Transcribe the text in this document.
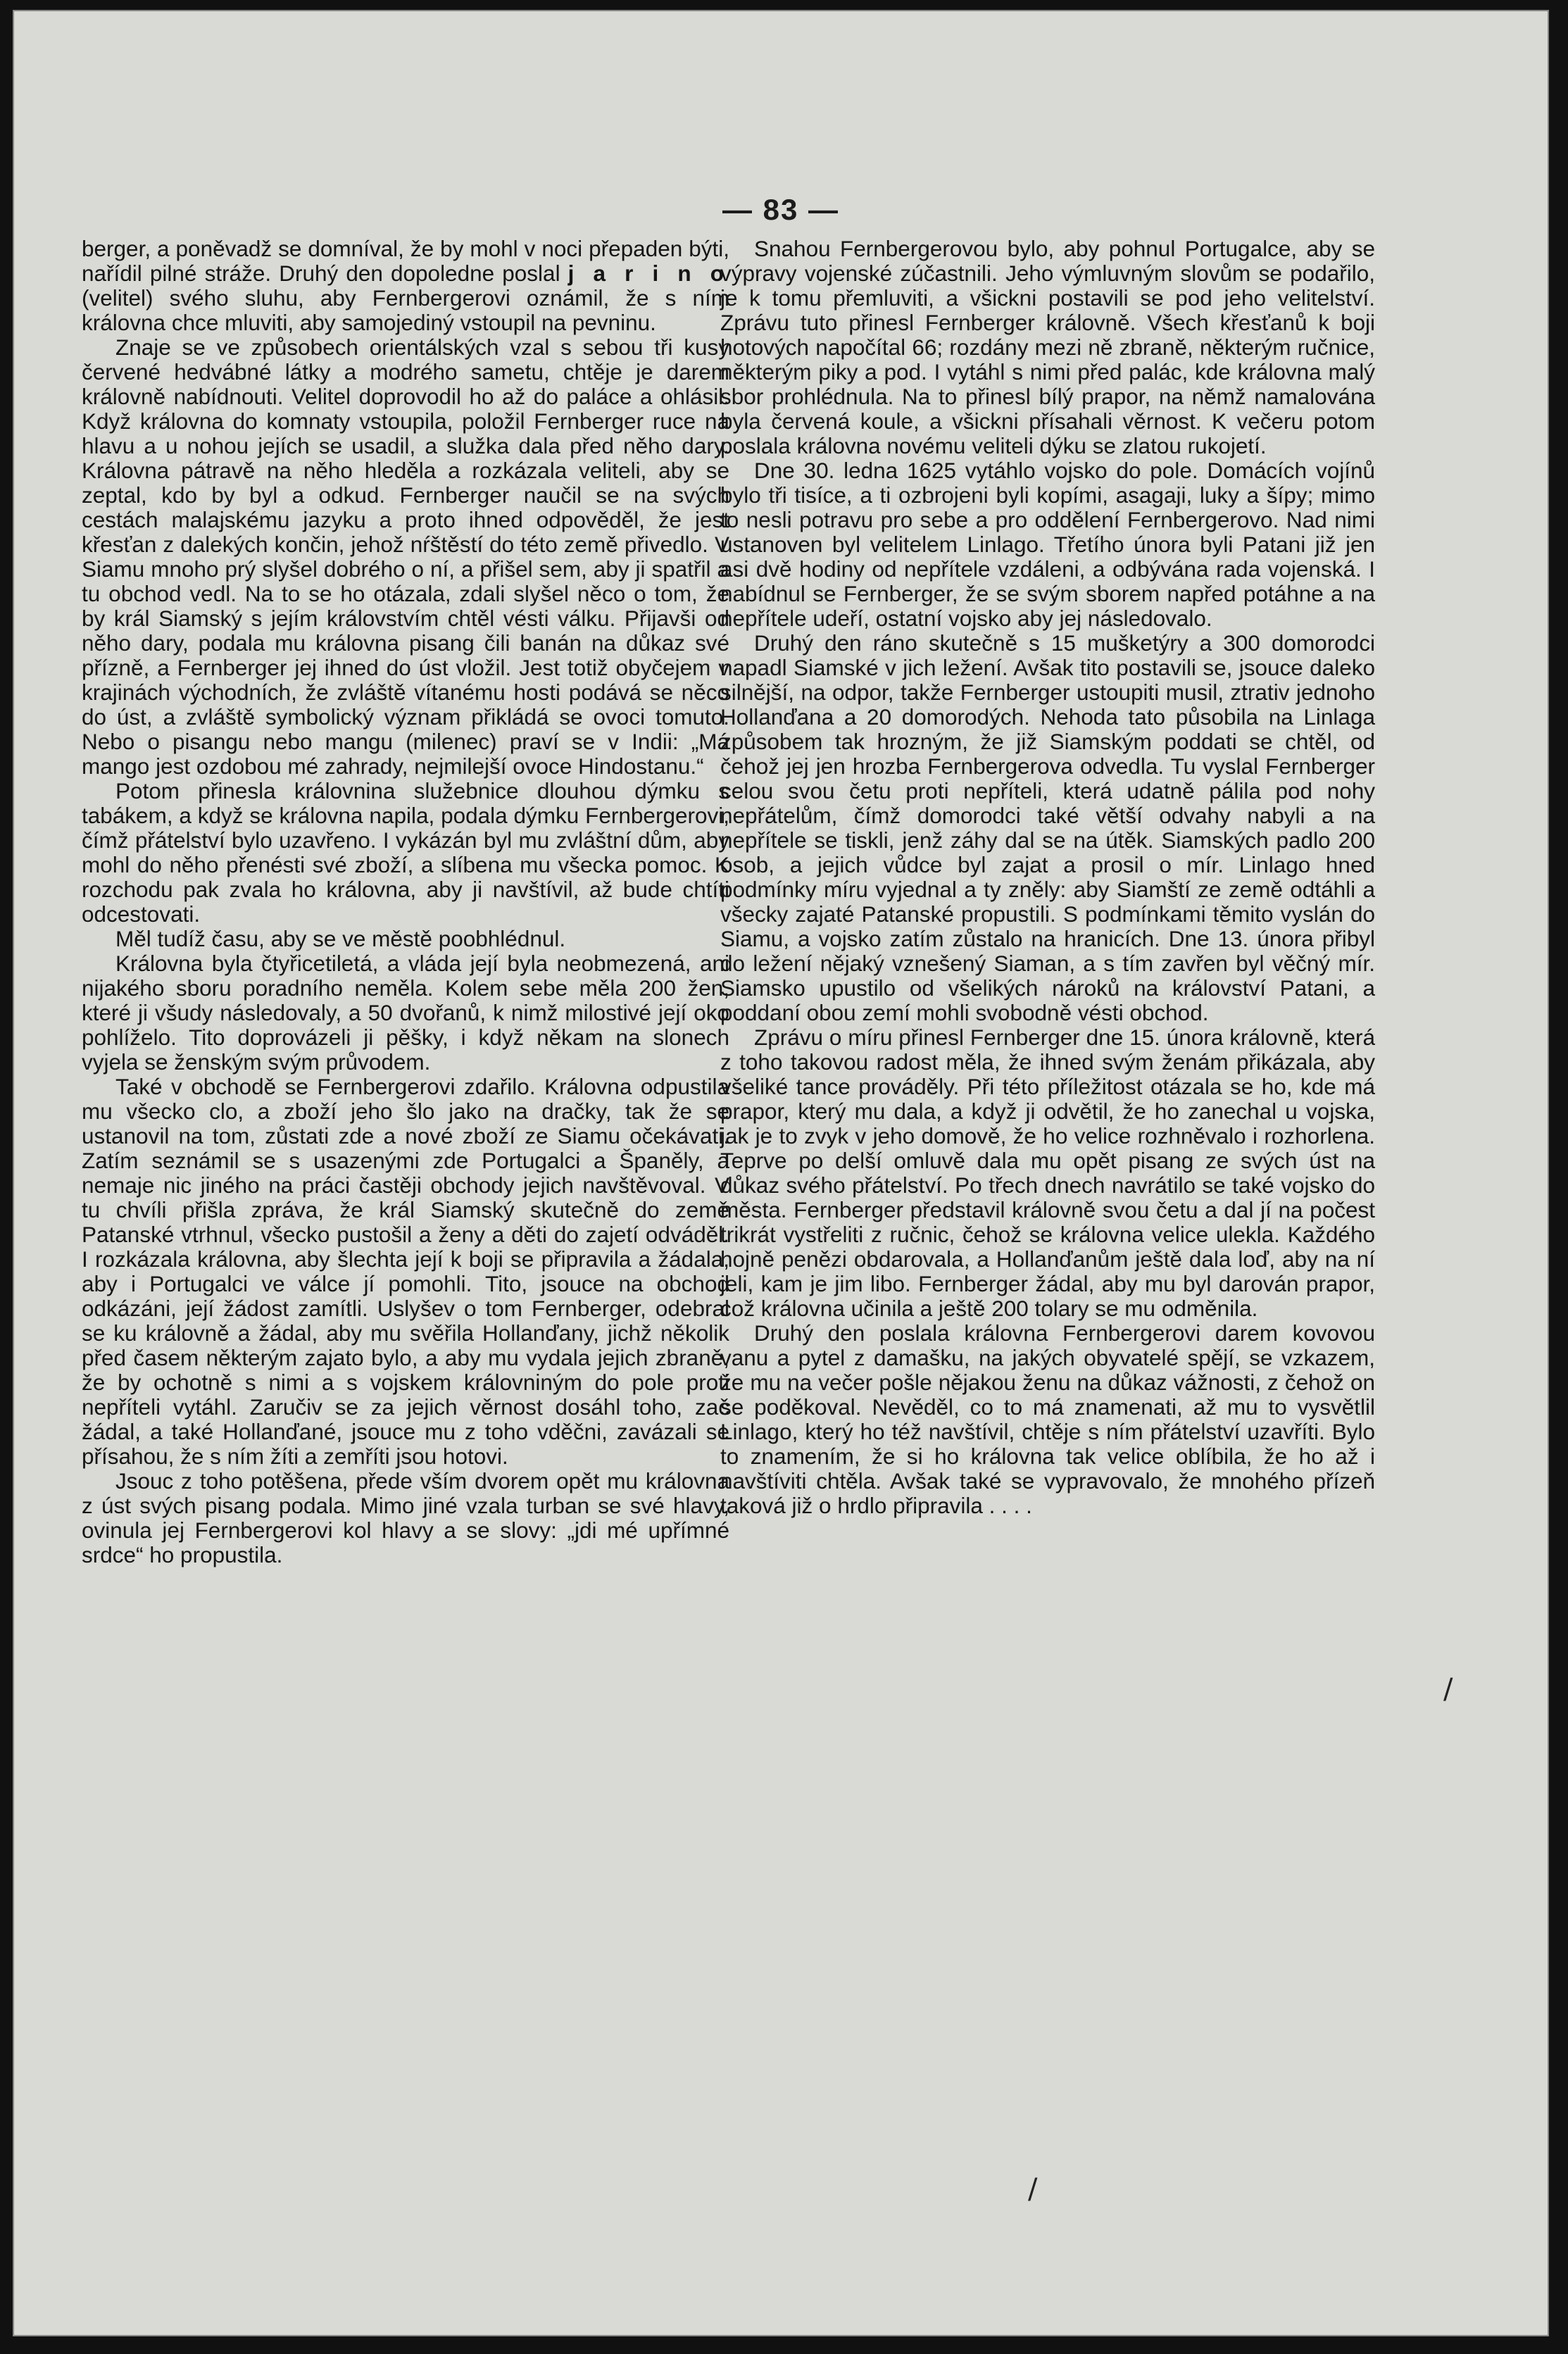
— 83 —

berger, a poněvadž se domníval, že by mohl v noci přepaden býti, nařídil pilné stráže. Druhý den dopoledne poslal j a r i n o (velitel) svého sluhu, aby Fernbergerovi oznámil, že s ním královna chce mluviti, aby samojediný vstoupil na pevninu.

Znaje se ve způsobech orientálských vzal s sebou tři kusy červené hedvábné látky a modrého sametu, chtěje je darem královně nabídnouti. Velitel doprovodil ho až do paláce a ohlásil. Když královna do komnaty vstoupila, položil Fernberger ruce na hlavu a u nohou jejích se usadil, a služka dala před něho dary. Královna pátravě na něho hleděla a rozkázala veliteli, aby se zeptal, kdo by byl a odkud. Fernberger naučil se na svých cestách malajskému jazyku a proto ihned odpověděl, že jest křesťan z dalekých končin, jehož nŕštěstí do této země přivedlo. V Siamu mnoho prý slyšel dobrého o ní, a přišel sem, aby ji spatřil a tu obchod vedl. Na to se ho otázala, zdali slyšel něco o tom, že by král Siamský s jejím královstvím chtěl vésti válku. Přijavši od něho dary, podala mu královna pisang čili banán na důkaz své přízně, a Fernberger jej ihned do úst vložil. Jest totiž obyčejem v krajinách východních, že zvláště vítanému hosti podává se něco do úst, a zvláště symbolický význam přikládá se ovoci tomuto. Nebo o pisangu nebo mangu (milenec) praví se v Indii: „Má mango jest ozdobou mé zahrady, nejmilejší ovoce Hindostanu.“

Potom přinesla královnina služebnice dlouhou dýmku s tabákem, a když se královna napila, podala dýmku Fernbergerovi, čímž přátelství bylo uzavřeno. I vykázán byl mu zvláštní dům, aby mohl do něho přenésti své zboží, a slíbena mu všecka pomoc. K rozchodu pak zvala ho královna, aby ji navštívil, až bude chtíti odcestovati.

Měl tudíž času, aby se ve městě poobhlédnul.

Královna byla čtyřicetiletá, a vláda její byla neobmezená, ani nijakého sboru poradního neměla. Kolem sebe měla 200 žen, které ji všudy následovaly, a 50 dvořanů, k nimž milostivé její oko pohlíželo. Tito doprovázeli ji pěšky, i když někam na slonech vyjela se ženským svým průvodem.

Také v obchodě se Fernbergerovi zdařilo. Královna odpustila mu všecko clo, a zboží jeho šlo jako na dračky, tak že se ustanovil na tom, zůstati zde a nové zboží ze Siamu očekávati. Zatím seznámil se s usazenými zde Portugalci a Španěly, a nemaje nic jiného na práci častěji obchody jejich navštěvoval. V tu chvíli přišla zpráva, že král Siamský skutečně do země Patanské vtrhnul, všecko pustošil a ženy a děti do zajetí odváděl. I rozkázala královna, aby šlechta její k boji se připravila a žádala, aby i Portugalci ve válce jí pomohli. Tito, jsouce na obchod odkázáni, její žádost zamítli. Uslyšev o tom Fernberger, odebral se ku královně a žádal, aby mu svěřila Hollanďany, jichž několik před časem některým zajato bylo, a aby mu vydala jejich zbraně, že by ochotně s nimi a s vojskem královniným do pole proti nepříteli vytáhl. Zaručiv se za jejich věrnost dosáhl toho, zač žádal, a také Hollanďané, jsouce mu z toho vděčni, zavázali se přísahou, že s ním žíti a zemříti jsou hotovi.

Jsouc z toho potěšena, přede vším dvorem opět mu královna z úst svých pisang podala. Mimo jiné vzala turban se své hlavy, ovinula jej Fernbergerovi kol hlavy a se slovy: „jdi mé upřímné srdce“ ho propustila.

Snahou Fernbergerovou bylo, aby pohnul Portugalce, aby se výpravy vojenské zúčastnili. Jeho výmluvným slovům se podařilo, je k tomu přemluviti, a všickni postavili se pod jeho velitelství. Zprávu tuto přinesl Fernberger královně. Všech křesťanů k boji hotových napočítal 66; rozdány mezi ně zbraně, některým ručnice, některým piky a pod. I vytáhl s nimi před palác, kde královna malý sbor prohlédnula. Na to přinesl bílý prapor, na němž namalována byla červená koule, a všickni přísahali věrnost. K večeru potom poslala královna novému veliteli dýku se zlatou rukojetí.

Dne 30. ledna 1625 vytáhlo vojsko do pole. Domácích vojínů bylo tři tisíce, a ti ozbrojeni byli kopími, asagaji, luky a šípy; mimo to nesli potravu pro sebe a pro oddělení Fernbergerovo. Nad nimi ustanoven byl velitelem Linlago. Třetího února byli Patani již jen asi dvě hodiny od nepřítele vzdáleni, a odbývána rada vojenská. I nabídnul se Fernberger, že se svým sborem napřed potáhne a na nepřítele udeří, ostatní vojsko aby jej následovalo.

Druhý den ráno skutečně s 15 mušketýry a 300 domorodci napadl Siamské v jich ležení. Avšak tito postavili se, jsouce daleko silnější, na odpor, takže Fernberger ustoupiti musil, ztrativ jednoho Hollanďana a 20 domorodých. Nehoda tato působila na Linlaga způsobem tak hrozným, že již Siamským poddati se chtěl, od čehož jej jen hrozba Fernbergerova odvedla. Tu vyslal Fernberger celou svou četu proti nepříteli, která udatně pálila pod nohy nepřátelům, čímž domorodci také větší odvahy nabyli a na nepřítele se tiskli, jenž záhy dal se na útěk. Siamských padlo 200 osob, a jejich vůdce byl zajat a prosil o mír. Linlago hned podmínky míru vyjednal a ty zněly: aby Siamští ze země odtáhli a všecky zajaté Patanské propustili. S podmínkami těmito vyslán do Siamu, a vojsko zatím zůstalo na hranicích. Dne 13. února přibyl do ležení nějaký vznešený Siaman, a s tím zavřen byl věčný mír. Siamsko upustilo od všelikých nároků na království Patani, a poddaní obou zemí mohli svobodně vésti obchod.

Zprávu o míru přinesl Fernberger dne 15. února královně, která z toho takovou radost měla, že ihned svým ženám přikázala, aby všeliké tance prováděly. Při této příležitost otázala se ho, kde má prapor, který mu dala, a když ji odvětil, že ho zanechal u vojska, jak je to zvyk v jeho domově, že ho velice rozhněvalo i rozhorlena. Teprve po delší omluvě dala mu opět pisang ze svých úst na důkaz svého přátelství. Po třech dnech navrátilo se také vojsko do města. Fernberger představil královně svou četu a dal jí na počest trikrát vystřeliti z ručnic, čehož se královna velice ulekla. Každého hojně penězi obdarovala, a Hollanďanům ještě dala loď, aby na ní jeli, kam je jim libo. Fernberger žádal, aby mu byl darován prapor, což královna učinila a ještě 200 tolary se mu odměnila.

Druhý den poslala královna Fernbergerovi darem kovovou vanu a pytel z damašku, na jakých obyvatelé spějí, se vzkazem, že mu na večer pošle nějakou ženu na důkaz vážnosti, z čehož on se poděkoval. Nevěděl, co to má znamenati, až mu to vysvětlil Linlago, který ho též navštívil, chtěje s ním přátelství uzavříti. Bylo to znamením, že si ho královna tak velice oblíbila, že ho až i navštíviti chtěla. Avšak také se vypravovalo, že mnohého přízeň taková již o hrdlo připravila . . . .

/
/
